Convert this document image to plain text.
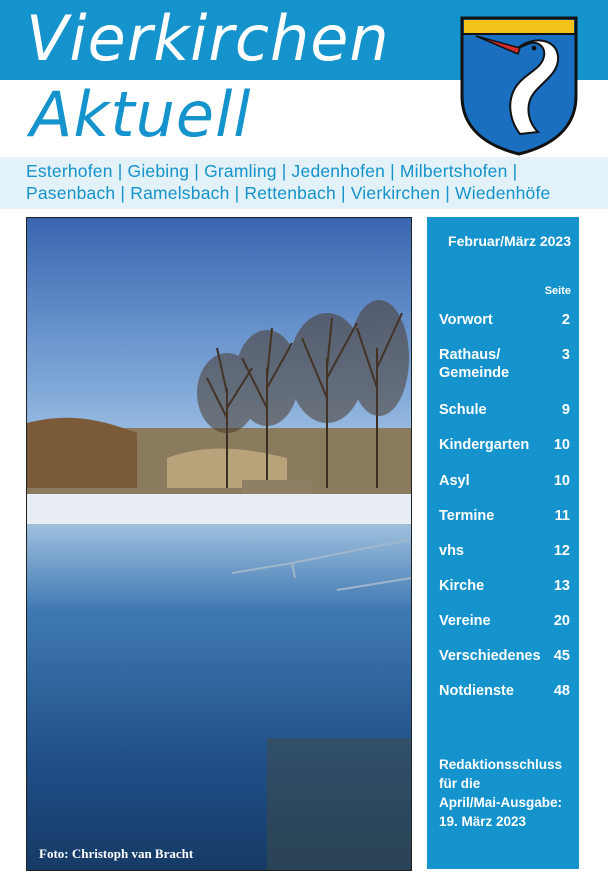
Vierkirchen
Aktuell
Esterhofen | Giebing | Gramling | Jedenhofen | Milbertshofen |
Pasenbach | Ramelsbach | Rettenbach | Vierkirchen | Wiedenhöfe
Foto: Christoph van Bracht
Februar/März 2023
Seite
Vorwort	2
Rathaus/
Gemeinde
3
Schule	9
Kindergarten 10
Asyl	10
Termine	11
vhs	12
Kirche	13
Vereine	20
Verschiedenes 45
Notdienste	48
Redaktionsschluss
für die
April/Mai-Ausgabe:
19. März 2023
